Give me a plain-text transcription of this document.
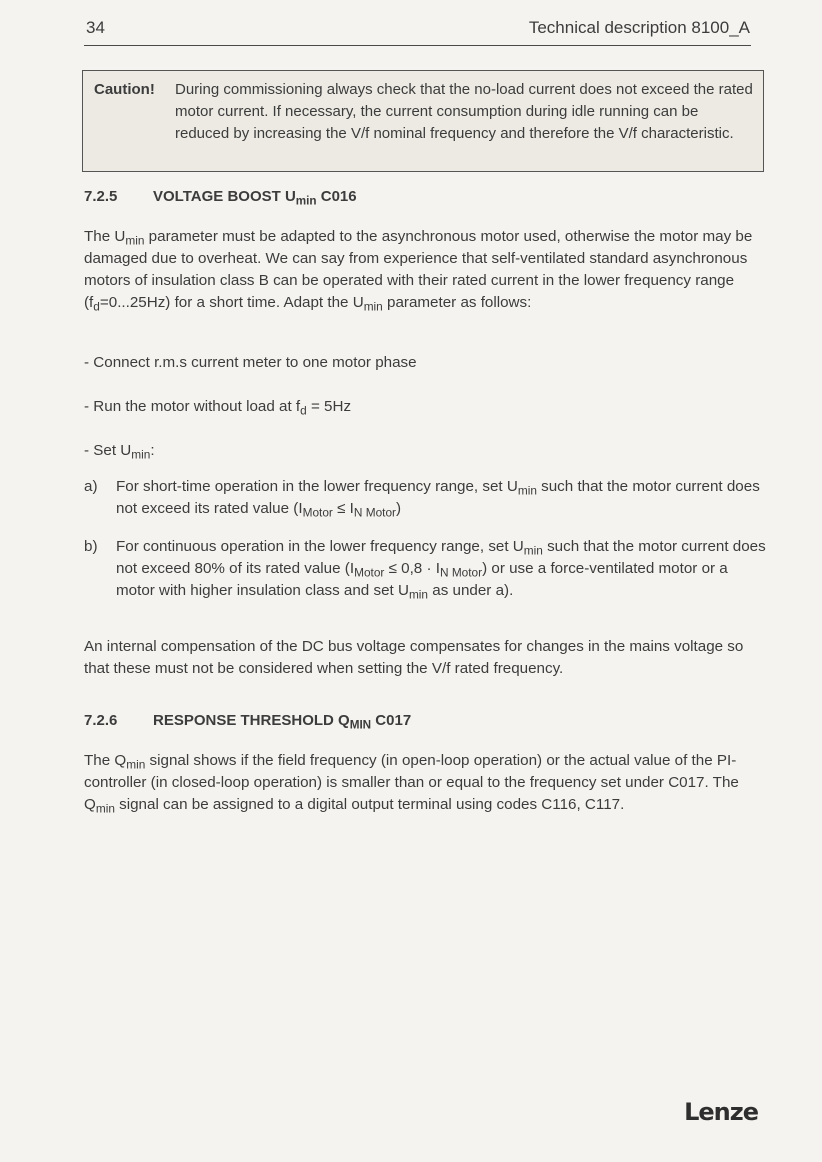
34	Technical description 8100_A
Caution! During commissioning always check that the no-load current does not exceed the rated motor current. If necessary, the current consumption during idle running can be reduced by increasing the V/f nominal frequency and therefore the V/f characteristic.
7.2.5 VOLTAGE BOOST $U_{min}$ C016
The $U_{min}$ parameter must be adapted to the asynchronous motor used, otherwise the motor may be damaged due to overheat. We can say from experience that self-ventilated standard asynchronous motors of insulation class B can be operated with their rated current in the lower frequency range $(f_d=0...25Hz)$ for a short time. Adapt the $U_{min}$ parameter as follows:
- Connect r.m.s current meter to one motor phase
- Run the motor without load at $f_d = 5Hz$
- Set $U_{min}$:
a) For short-time operation in the lower frequency range, set $U_{min}$ such that the motor current does not exceed its rated value $(I_{Motor} \le I_{N Motor})$
b) For continuous operation in the lower frequency range, set $U_{min}$ such that the motor current does not exceed 80% of its rated value $(I_{Motor} \le 0,8 \cdot I_{N Motor})$ or use a force-ventilated motor or a motor with higher insulation class and set $U_{min}$ as under a).
An internal compensation of the DC bus voltage compensates for changes in the mains voltage so that these must not be considered when setting the V/f rated frequency.
7.2.6 RESPONSE THRESHOLD $Q_{MIN}$ C017
The $Q_{min}$ signal shows if the field frequency (in open-loop operation) or the actual value of the PI-controller (in closed-loop operation) is smaller than or equal to the frequency set under C017. The $Q_{min}$ signal can be assigned to a digital output terminal using codes C116, C117.
Lenze
